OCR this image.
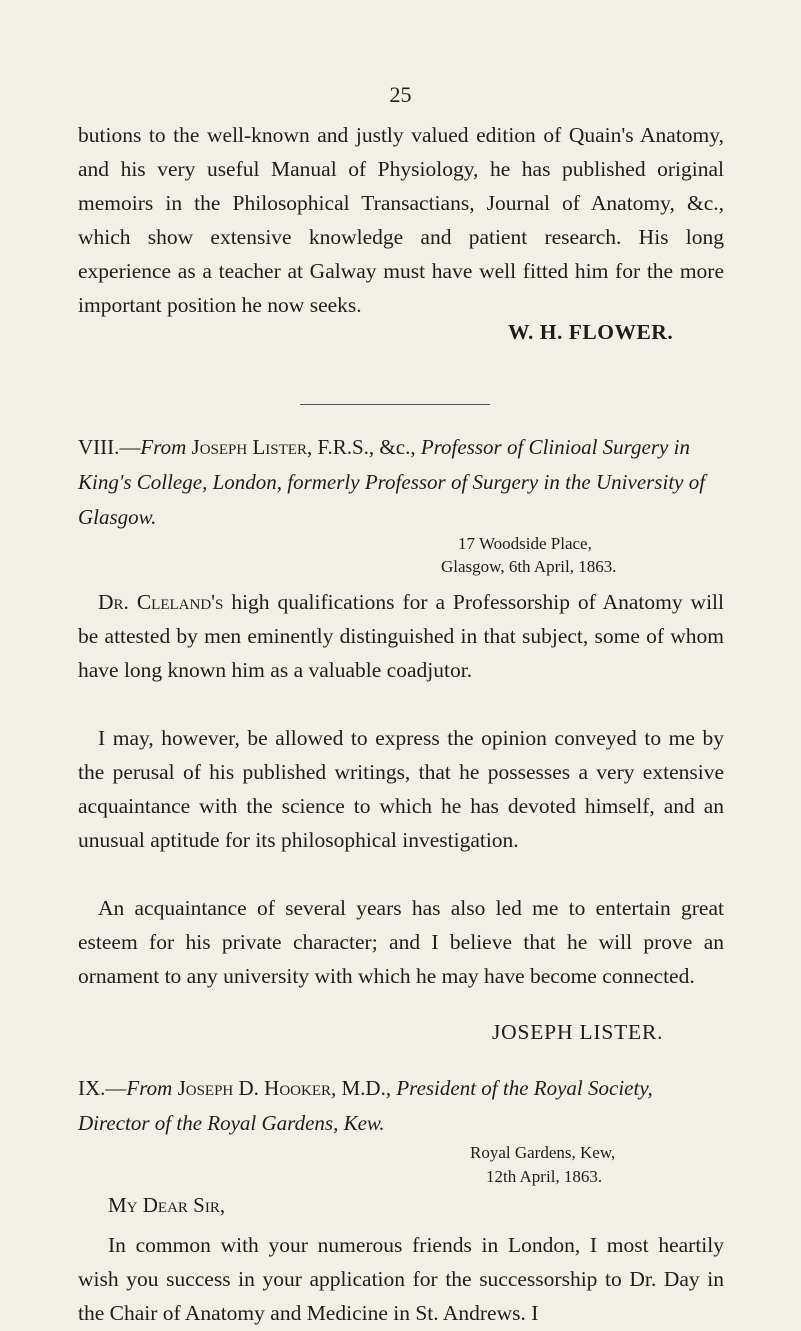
25

butions to the well-known and justly valued edition of Quain's Anatomy, and his very useful Manual of Physiology, he has published original memoirs in the Philosophical Transactians, Journal of Anatomy, &c., which show extensive knowledge and patient research. His long experience as a teacher at Galway must have well fitted him for the more important position he now seeks.

W. H. FLOWER.
VIII.—From Joseph Lister, F.R.S., &c., Professor of Clinioal Surgery in King's College, London, formerly Professor of Surgery in the University of Glasgow.
17 Woodside Place,
Glasgow, 6th April, 1863.

Dr. Cleland's high qualifications for a Professorship of Anatomy will be attested by men eminently distinguished in that subject, some of whom have long known him as a valuable coadjutor.

I may, however, be allowed to express the opinion conveyed to me by the perusal of his published writings, that he possesses a very extensive acquaintance with the science to which he has devoted himself, and an unusual aptitude for its philosophical investigation.

An acquaintance of several years has also led me to entertain great esteem for his private character; and I believe that he will prove an ornament to any university with which he may have become connected.

JOSEPH LISTER.
IX.—From Joseph D. Hooker, M.D., President of the Royal Society, Director of the Royal Gardens, Kew.
Royal Gardens, Kew,
12th April, 1863.
My Dear Sir,

In common with your numerous friends in London, I most heartily wish you success in your application for the successorship to Dr. Day in the Chair of Anatomy and Medicine in St. Andrews. I
